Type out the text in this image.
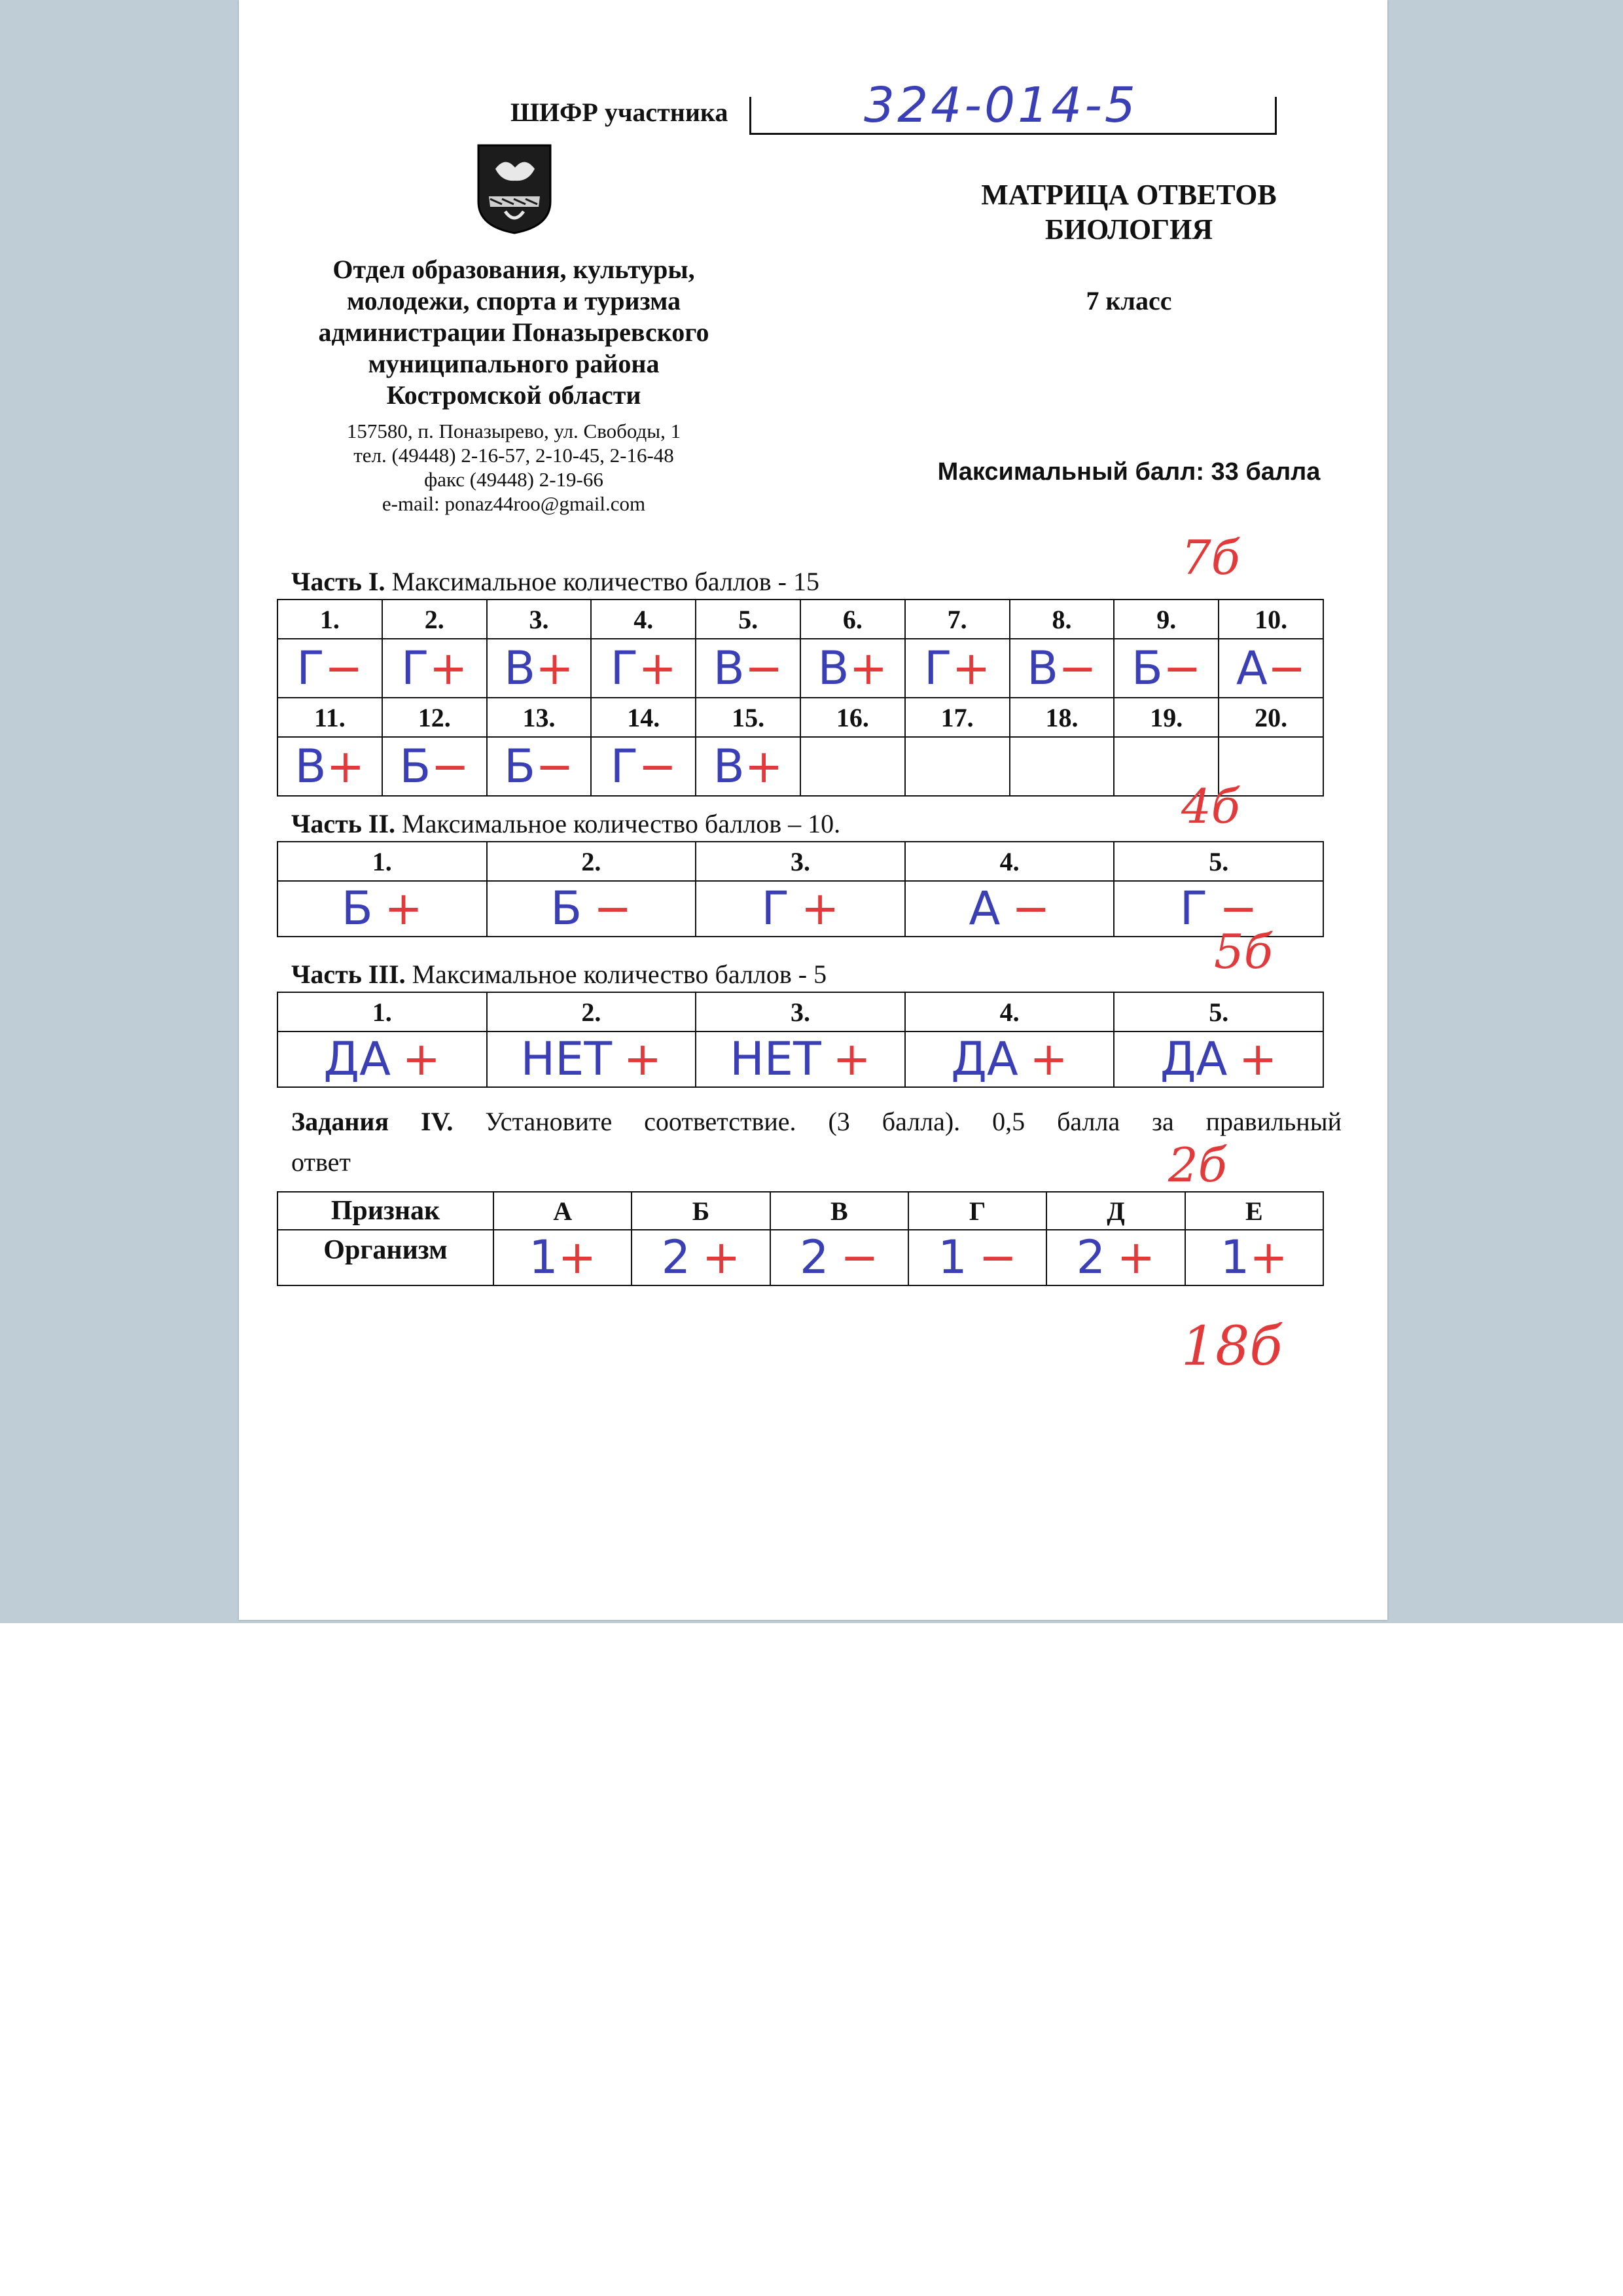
ШИФР участника	324-014-5
МАТРИЦА ОТВЕТОВ
БИОЛОГИЯ
7 класс
Максимальный балл: 33 балла
Отдел образования, культуры,
молодежи, спорта и туризма
администрации Поназыревского
муниципального района
Костромской области
157580, п. Поназырево, ул. Свободы, 1
тел. (49448) 2-16-57, 2-10-45, 2-16-48
факс (49448) 2-19-66
e-mail: ponaz44roo@gmail.com
Часть I. Максимальное количество баллов - 15	7б
1.	2.	3.	4.	5.	6.	7.	8.	9.	10.
Г−	Г+	В+	Г+	В−	В+	Г+	В−	Б−	А−
11.	12.	13.	14.	15.	16.	17.	18.	19.	20.
В+	Б−	Б−	Г−	В+					
Часть II. Максимальное количество баллов – 10.	4б
1.	2.	3.	4.	5.
Б +	Б −	Г +	А −	Г −
Часть III. Максимальное количество баллов - 5	5б
1.	2.	3.	4.	5.
ДА +	НЕТ +	НЕТ +	ДА +	ДА +
Задания IV. Установите соответствие. (3 балла). 0,5 балла за правильный
ответ	2б
Признак	А	Б	В	Г	Д	Е
Организм	1+	2 +	2 −	1 −	2 +	1+
18б
